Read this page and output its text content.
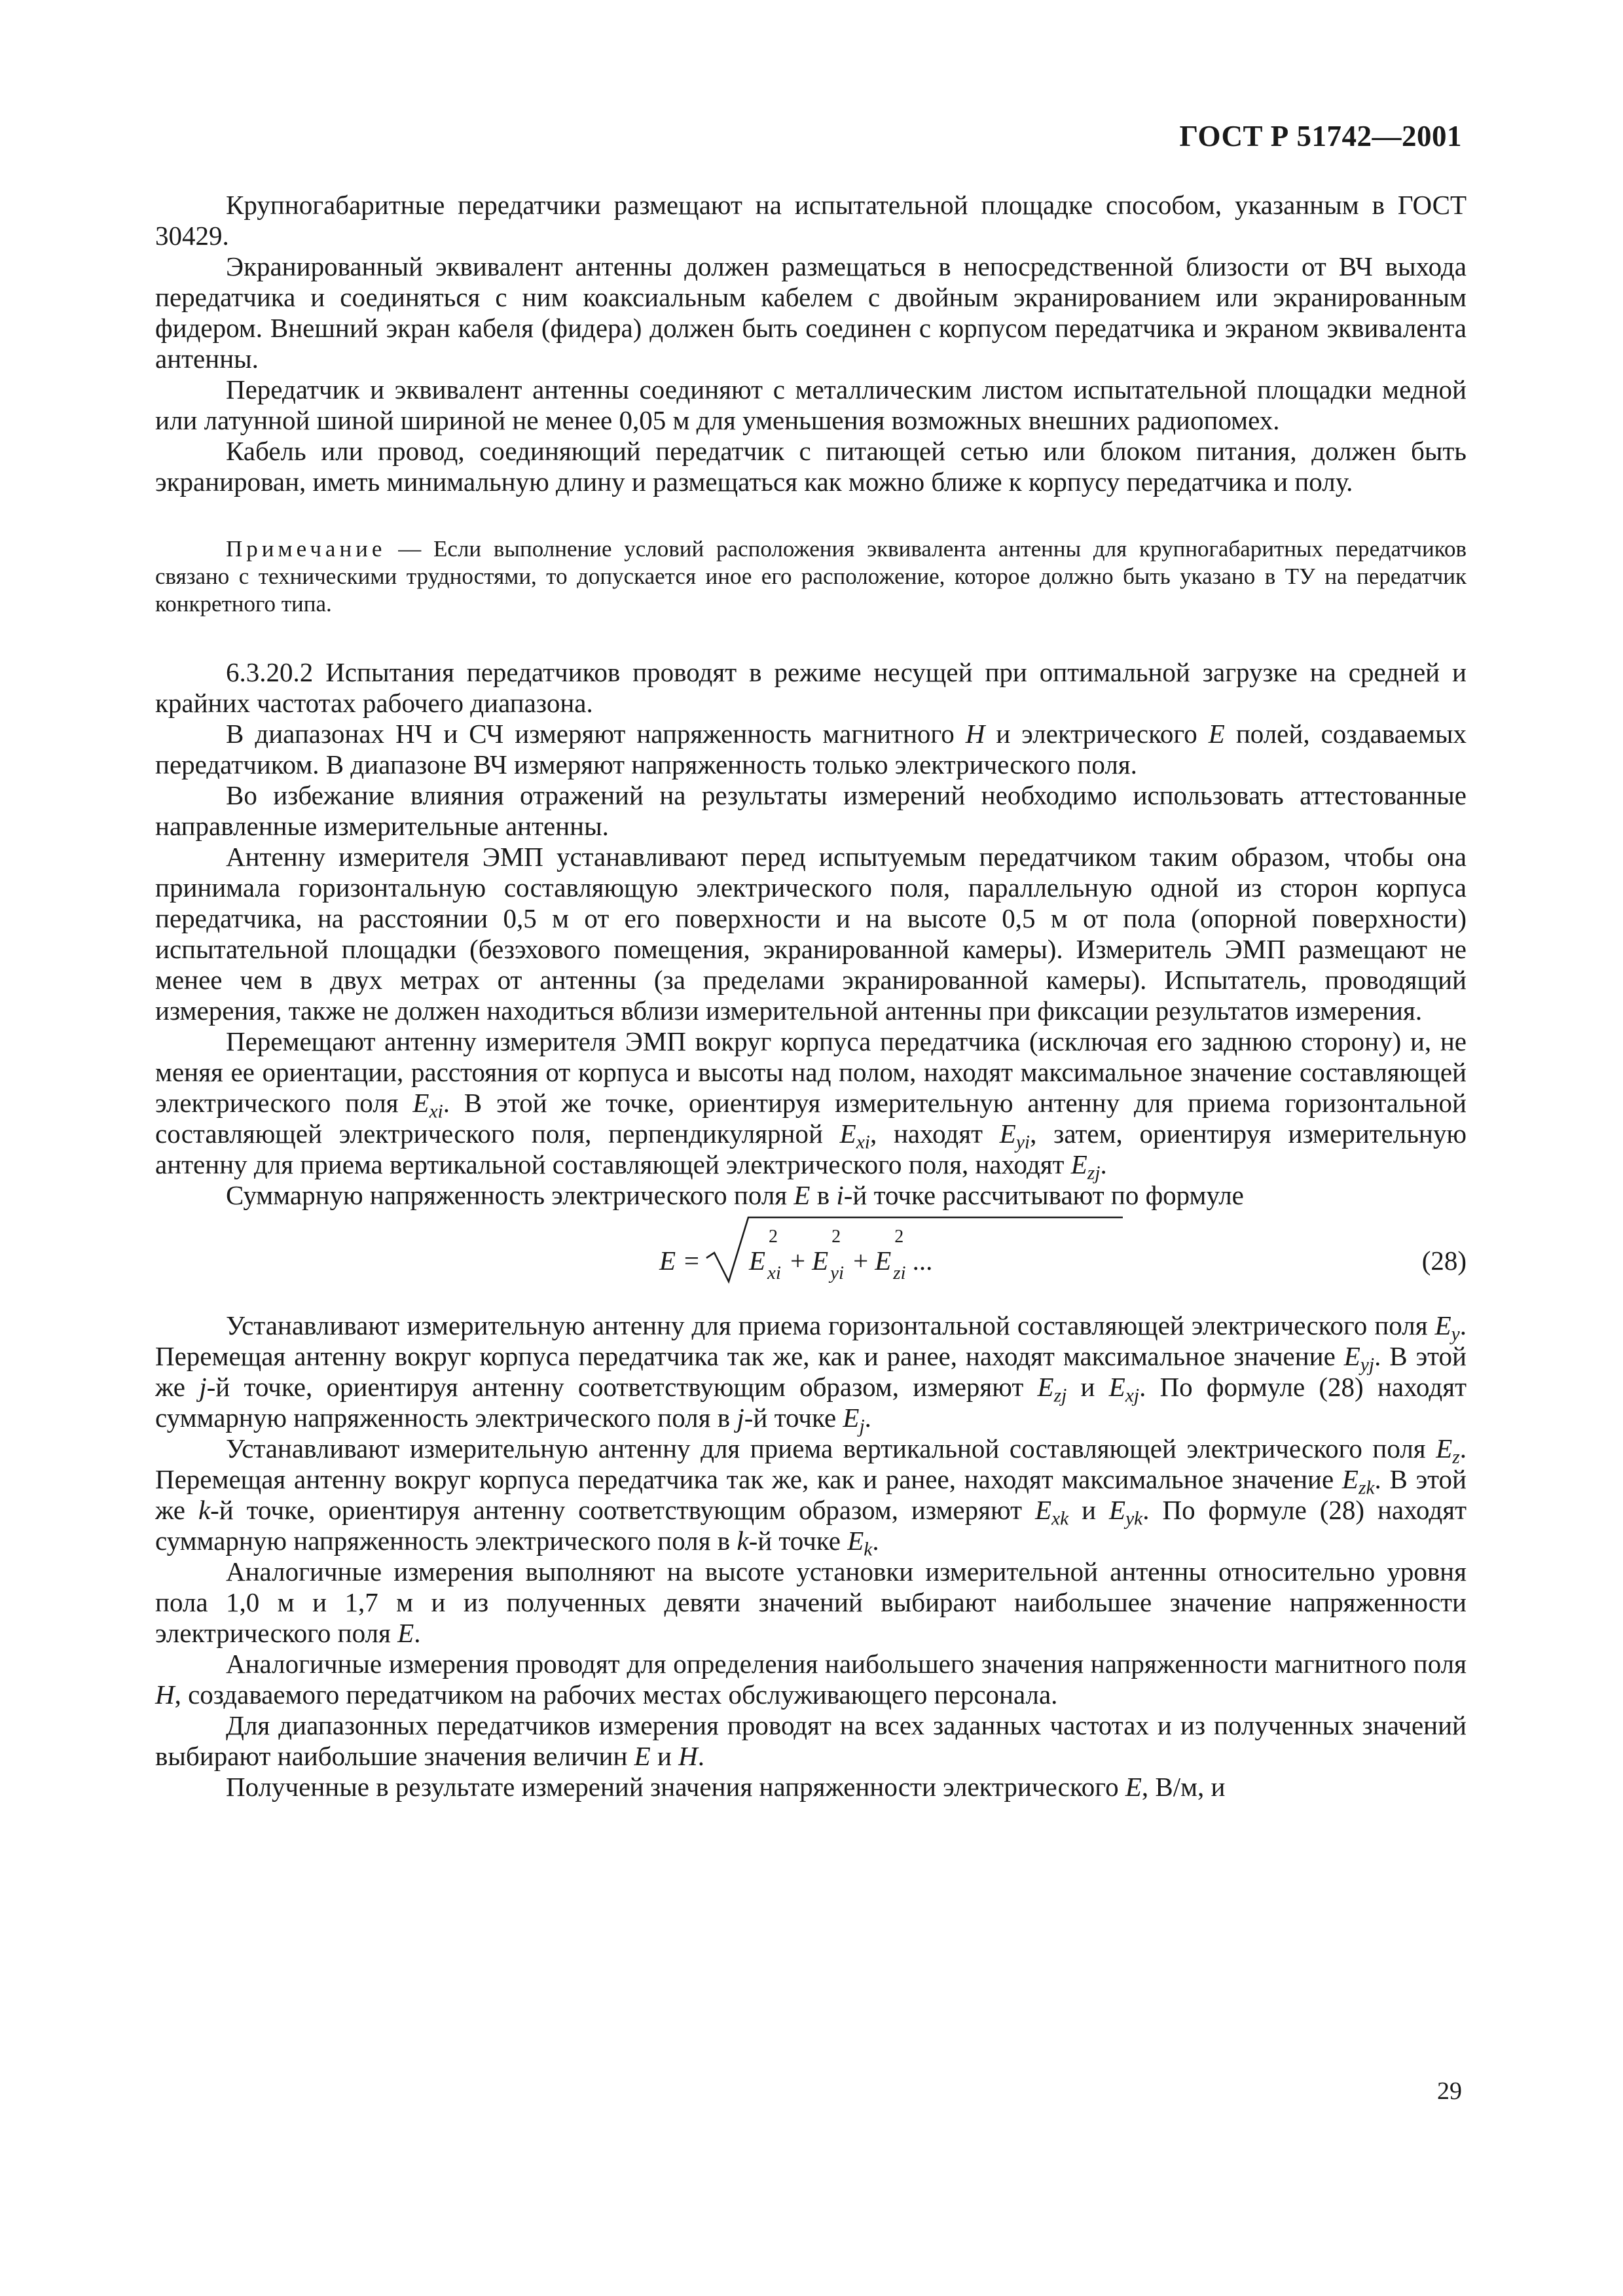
ГОСТ Р 51742—2001

Крупногабаритные передатчики размещают на испытательной площадке способом, указанным в ГОСТ 30429.

Экранированный эквивалент антенны должен размещаться в непосредственной близости от ВЧ выхода передатчика и соединяться с ним коаксиальным кабелем с двойным экранированием или экранированным фидером. Внешний экран кабеля (фидера) должен быть соединен с корпусом передатчика и экраном эквивалента антенны.

Передатчик и эквивалент антенны соединяют с металлическим листом испытательной площадки медной или латунной шиной шириной не менее 0,05 м для уменьшения возможных внешних радиопомех.

Кабель или провод, соединяющий передатчик с питающей сетью или блоком питания, должен быть экранирован, иметь минимальную длину и размещаться как можно ближе к корпусу передатчика и полу.

Примечание — Если выполнение условий расположения эквивалента антенны для крупногабаритных передатчиков связано с техническими трудностями, то допускается иное его расположение, которое должно быть указано в ТУ на передатчик конкретного типа.

6.3.20.2 Испытания передатчиков проводят в режиме несущей при оптимальной загрузке на средней и крайних частотах рабочего диапазона.

В диапазонах НЧ и СЧ измеряют напряженность магнитного H и электрического E полей, создаваемых передатчиком. В диапазоне ВЧ измеряют напряженность только электрического поля.

Во избежание влияния отражений на результаты измерений необходимо использовать аттестованные направленные измерительные антенны.

Антенну измерителя ЭМП устанавливают перед испытуемым передатчиком таким образом, чтобы она принимала горизонтальную составляющую электрического поля, параллельную одной из сторон корпуса передатчика, на расстоянии 0,5 м от его поверхности и на высоте 0,5 м от пола (опорной поверхности) испытательной площадки (безэхового помещения, экранированной камеры). Измеритель ЭМП размещают не менее чем в двух метрах от антенны (за пределами экранированной камеры). Испытатель, проводящий измерения, также не должен находиться вблизи измерительной антенны при фиксации результатов измерения.

Перемещают антенну измерителя ЭМП вокруг корпуса передатчика (исключая его заднюю сторону) и, не меняя ее ориентации, расстояния от корпуса и высоты над полом, находят максимальное значение составляющей электрического поля $E_{xi}$. В этой же точке, ориентируя измерительную антенну для приема горизонтальной составляющей электрического поля, перпендикулярной $E_{xi}$, находят $E_{yi}$, затем, ориентируя измерительную антенну для приема вертикальной составляющей электрического поля, находят $E_{zj}$.

Суммарную напряженность электрического поля E в i-й точке рассчитывают по формуле

E = E
2
$_{xi}$ + E
2
$_{yi}$ + E
2
$_{zi}$ ...	(28)

Устанавливают измерительную антенну для приема горизонтальной составляющей электрического поля $E_y$. Перемещая антенну вокруг корпуса передатчика так же, как и ранее, находят максимальное значение $E_{yj}$. В этой же j-й точке, ориентируя антенну соответствующим образом, измеряют $E_{zj}$ и $E_{xj}$. По формуле (28) находят суммарную напряженность электрического поля в j-й точке $E_j$.

Устанавливают измерительную антенну для приема вертикальной составляющей электрического поля $E_z$. Перемещая антенну вокруг корпуса передатчика так же, как и ранее, находят максимальное значение $E_{zk}$. В этой же k-й точке, ориентируя антенну соответствующим образом, измеряют $E_{xk}$ и $E_{yk}$. По формуле (28) находят суммарную напряженность электрического поля в k-й точке $E_k$.

Аналогичные измерения выполняют на высоте установки измерительной антенны относительно уровня пола 1,0 м и 1,7 м и из полученных девяти значений выбирают наибольшее значение напряженности электрического поля E.

Аналогичные измерения проводят для определения наибольшего значения напряженности магнитного поля H, создаваемого передатчиком на рабочих местах обслуживающего персонала.

Для диапазонных передатчиков измерения проводят на всех заданных частотах и из полученных значений выбирают наибольшие значения величин E и H.

Полученные в результате измерений значения напряженности электрического E, В/м, и

29
